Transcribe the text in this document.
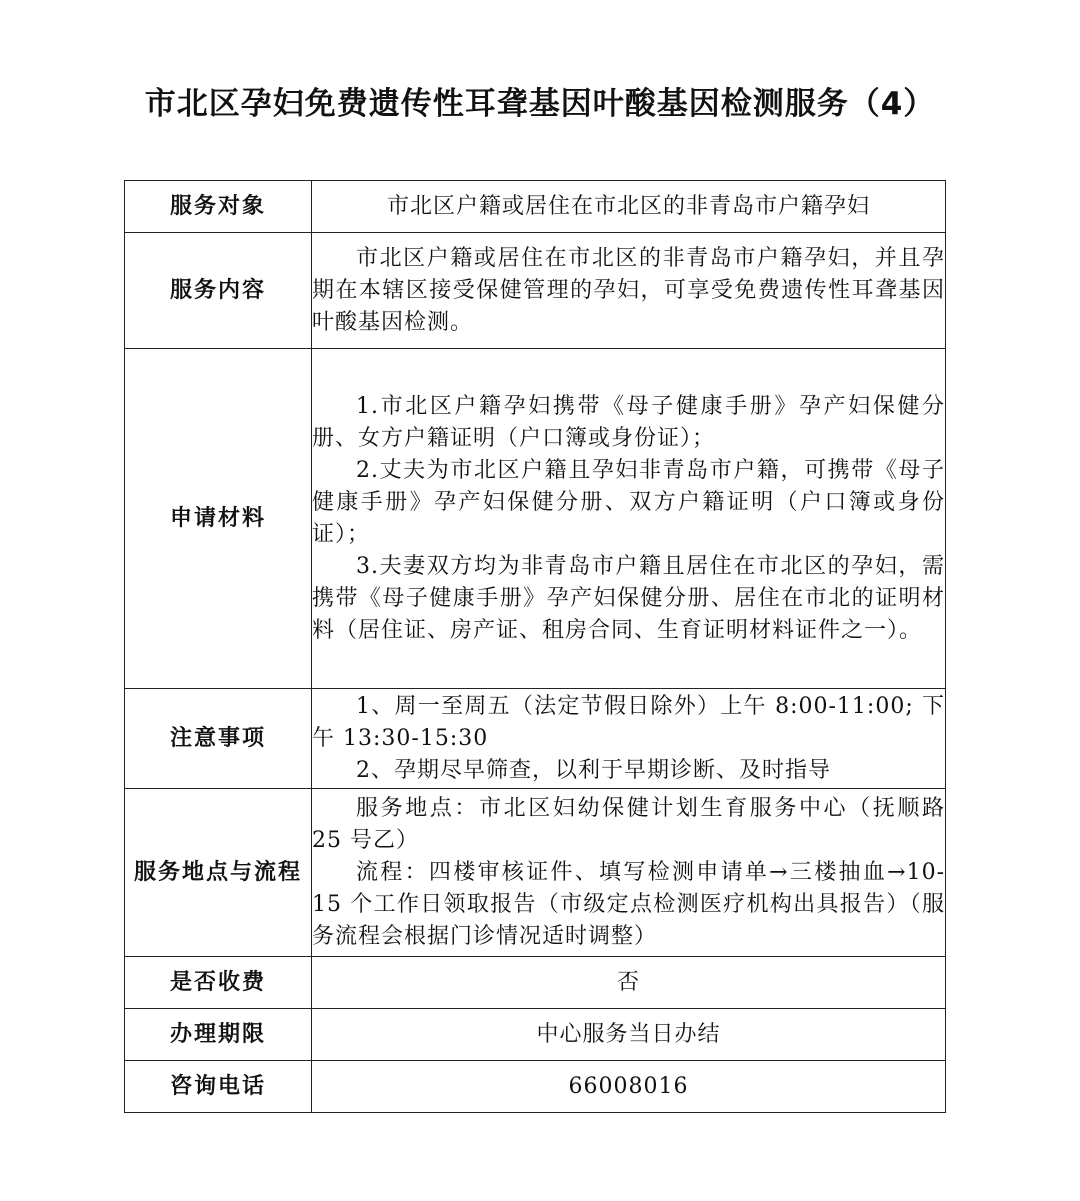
市北区孕妇免费遗传性耳聋基因叶酸基因检测服务（4）
服务对象	市北区户籍或居住在市北区的非青岛市户籍孕妇
服务内容	市北区户籍或居住在市北区的非青岛市户籍孕妇，并且孕期在本辖区接受保健管理的孕妇，可享受免费遗传性耳聋基因叶酸基因检测。

申请材料	1.市北区户籍孕妇携带《母子健康手册》孕产妇保健分册、女方户籍证明（户口簿或身份证）；

2.丈夫为市北区户籍且孕妇非青岛市户籍，可携带《母子健康手册》孕产妇保健分册、双方户籍证明（户口簿或身份证）；

3.夫妻双方均为非青岛市户籍且居住在市北区的孕妇，需携带《母子健康手册》孕产妇保健分册、居住在市北的证明材料（居住证、房产证、租房合同、生育证明材料证件之一）。

注意事项	1、周一至周五（法定节假日除外）上午 8:00-11:00; 下午 13:30-15:30

2、孕期尽早筛查，以利于早期诊断、及时指导

服务地点与流程	服务地点：市北区妇幼保健计划生育服务中心（抚顺路 25 号乙）

流程：四楼审核证件、填写检测申请单→三楼抽血→10-15 个工作日领取报告（市级定点检测医疗机构出具报告）（服务流程会根据门诊情况适时调整）

是否收费	否
办理期限	中心服务当日办结
咨询电话	66008016
